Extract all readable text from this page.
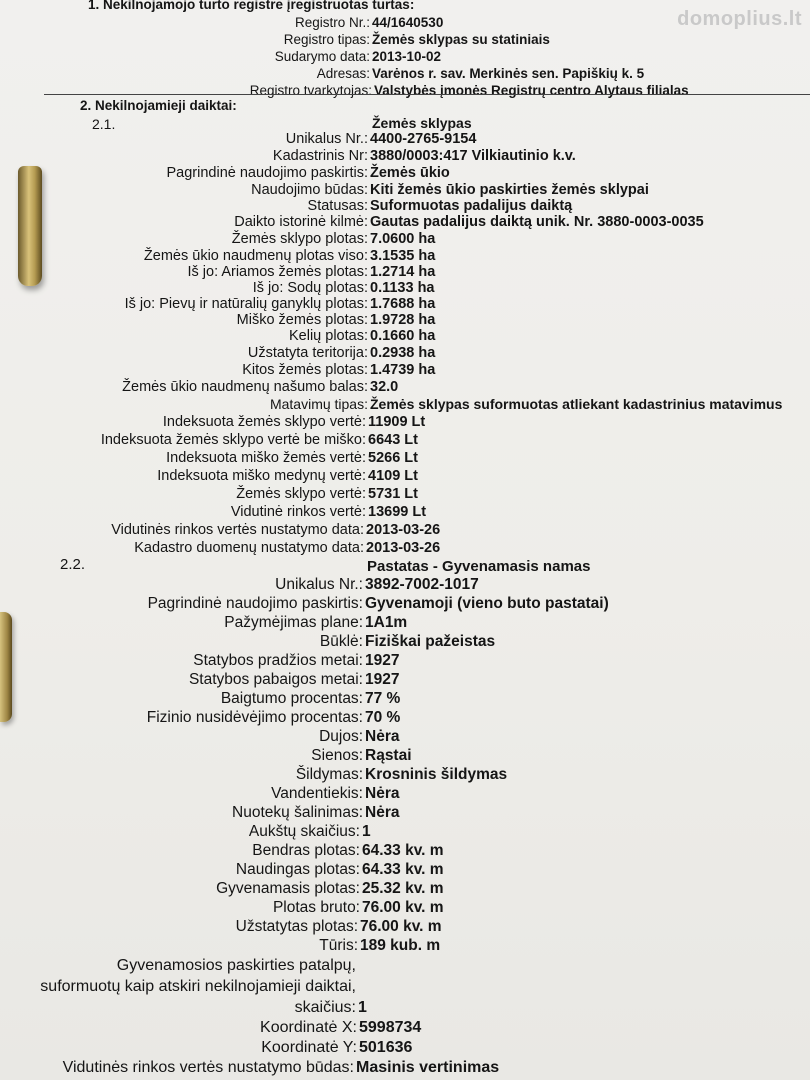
domoplius.lt
1. Nekilnojamojo turto registre įregistruotas turtas:
Registro Nr.: 44/1640530
Registro tipas: Žemės sklypas su statiniais
Sudarymo data: 2013-10-02
Adresas: Varėnos r. sav. Merkinės sen. Papiškių k. 5
Registro tvarkytojas: Valstybės įmonės Registrų centro Alytaus filialas
2. Nekilnojamieji daiktai:
2.1.	Žemės sklypas
Unikalus Nr.: 4400-2765-9154
Kadastrinis Nr: 3880/0003:417 Vilkiautinio k.v.
Pagrindinė naudojimo paskirtis: Žemės ūkio
Naudojimo būdas: Kiti žemės ūkio paskirties žemės sklypai
Statusas: Suformuotas padalijus daiktą
Daikto istorinė kilmė: Gautas padalijus daiktą unik. Nr. 3880-0003-0035
Žemės sklypo plotas: 7.0600 ha
Žemės ūkio naudmenų plotas viso: 3.1535 ha
Iš jo: Ariamos žemės plotas: 1.2714 ha
Iš jo: Sodų plotas: 0.1133 ha
Iš jo: Pievų ir natūralių ganyklų plotas: 1.7688 ha
Miško žemės plotas: 1.9728 ha
Kelių plotas: 0.1660 ha
Užstatyta teritorija: 0.2938 ha
Kitos žemės plotas: 1.4739 ha
Žemės ūkio naudmenų našumo balas: 32.0
Matavimų tipas: Žemės sklypas suformuotas atliekant kadastrinius matavimus
Indeksuota žemės sklypo vertė: 11909 Lt
Indeksuota žemės sklypo vertė be miško: 6643 Lt
Indeksuota miško žemės vertė: 5266 Lt
Indeksuota miško medynų vertė: 4109 Lt
Žemės sklypo vertė: 5731 Lt
Vidutinė rinkos vertė: 13699 Lt
Vidutinės rinkos vertės nustatymo data: 2013-03-26
Kadastro duomenų nustatymo data: 2013-03-26
2.2.	Pastatas - Gyvenamasis namas
Unikalus Nr.: 3892-7002-1017
Pagrindinė naudojimo paskirtis: Gyvenamoji (vieno buto pastatai)
Pažymėjimas plane: 1A1m
Būklė: Fiziškai pažeistas
Statybos pradžios metai: 1927
Statybos pabaigos metai: 1927
Baigtumo procentas: 77 %
Fizinio nusidėvėjimo procentas: 70 %
Dujos: Nėra
Sienos: Rąstai
Šildymas: Krosninis šildymas
Vandentiekis: Nėra
Nuotekų šalinimas: Nėra
Aukštų skaičius: 1
Bendras plotas: 64.33 kv. m
Naudingas plotas: 64.33 kv. m
Gyvenamasis plotas: 25.32 kv. m
Plotas bruto: 76.00 kv. m
Užstatytas plotas: 76.00 kv. m
Tūris: 189 kub. m
Gyvenamosios paskirties patalpų,
suformuotų kaip atskiri nekilnojamieji daiktai,
skaičius: 1
Koordinatė X: 5998734
Koordinatė Y: 501636
Vidutinės rinkos vertės nustatymo būdas: Masinis vertinimas
